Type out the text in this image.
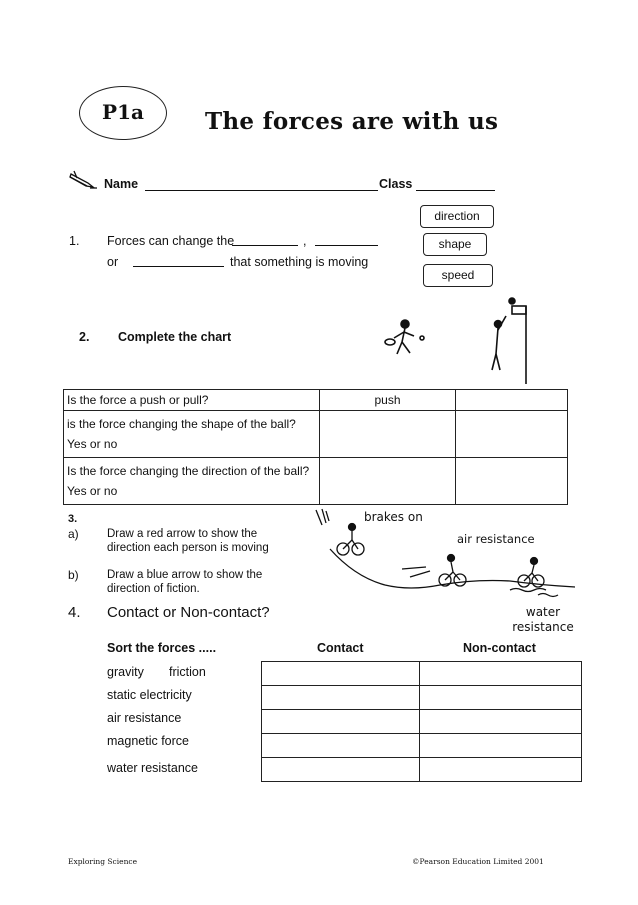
P1a	The forces are with us
Name	Class
direction
shape
speed
1. Forces can change the	,
or	that something is moving
2. Complete the chart
Is the force a push or pull?	push	
is the force changing the shape of the ball?
Yes or no		
Is the force changing the direction of the ball?
Yes or no		
3.
a) Draw a red arrow to show the direction each person is moving
b) Draw a blue arrow to show the direction of fiction.
brakes on
air resistance
water resistance
4. Contact or Non-contact?
Sort the forces .....	Contact	Non-contact
gravity friction
static electricity
air resistance
magnetic force
water resistance

Exploring Science	©Pearson Education Limited 2001
